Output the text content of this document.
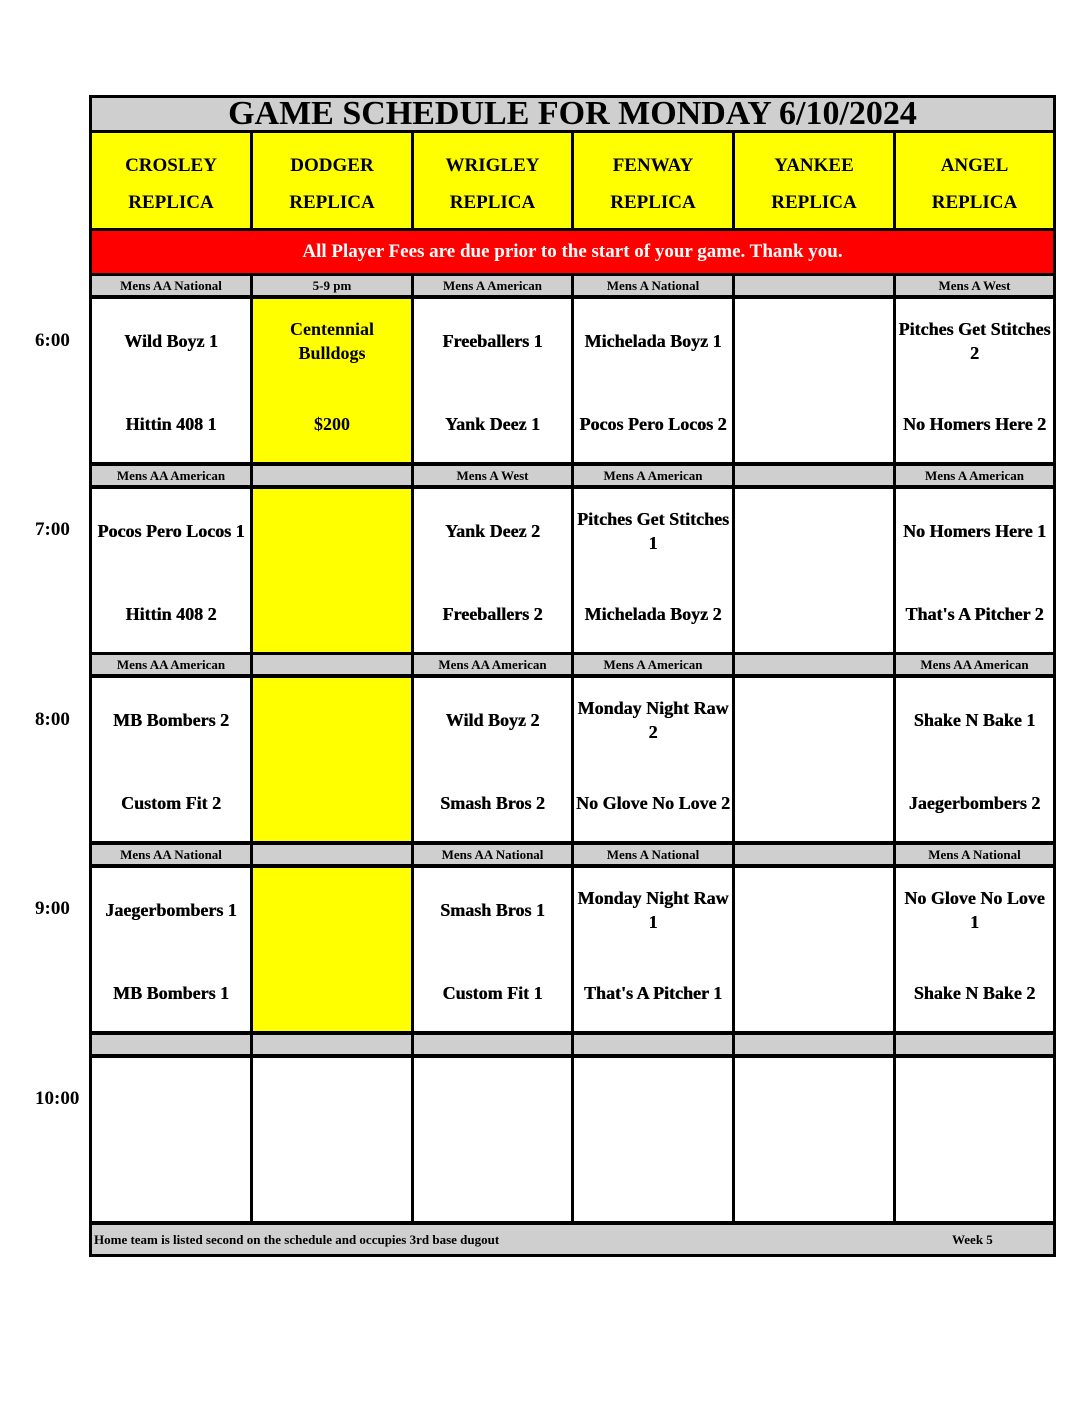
6:00
7:00
8:00
9:00
10:00
GAME SCHEDULE FOR MONDAY 6/10/2024
CROSLEY
REPLICA
DODGER
REPLICA
WRIGLEY
REPLICA
FENWAY
REPLICA
YANKEE
REPLICA
ANGEL
REPLICA
All Player Fees are due prior to the start of your game. Thank you.
Mens AA National
Wild Boyz 1
Hittin 408 1
5-9 pm
Centennial Bulldogs
$200
Mens A American
Freeballers 1
Yank Deez 1
Mens A National
Michelada Boyz 1
Pocos Pero Locos 2
Mens A West
Pitches Get Stitches 2
No Homers Here 2
Mens AA American
Pocos Pero Locos 1
Hittin 408 2
Mens A West
Yank Deez 2
Freeballers 2
Mens A American
Pitches Get Stitches 1
Michelada Boyz 2
Mens A American
No Homers Here 1
That's A Pitcher 2
Mens AA American
MB Bombers 2
Custom Fit 2
Mens AA American
Wild Boyz 2
Smash Bros 2
Mens A American
Monday Night Raw 2
No Glove No Love 2
Mens AA American
Shake N Bake 1
Jaegerbombers 2
Mens AA National
Jaegerbombers 1
MB Bombers 1
Mens AA National
Smash Bros 1
Custom Fit 1
Mens A National
Monday Night Raw 1
That's A Pitcher 1
Mens A National
No Glove No Love 1
Shake N Bake 2
Home team is listed second on the schedule and occupies 3rd base dugout	Week 5
